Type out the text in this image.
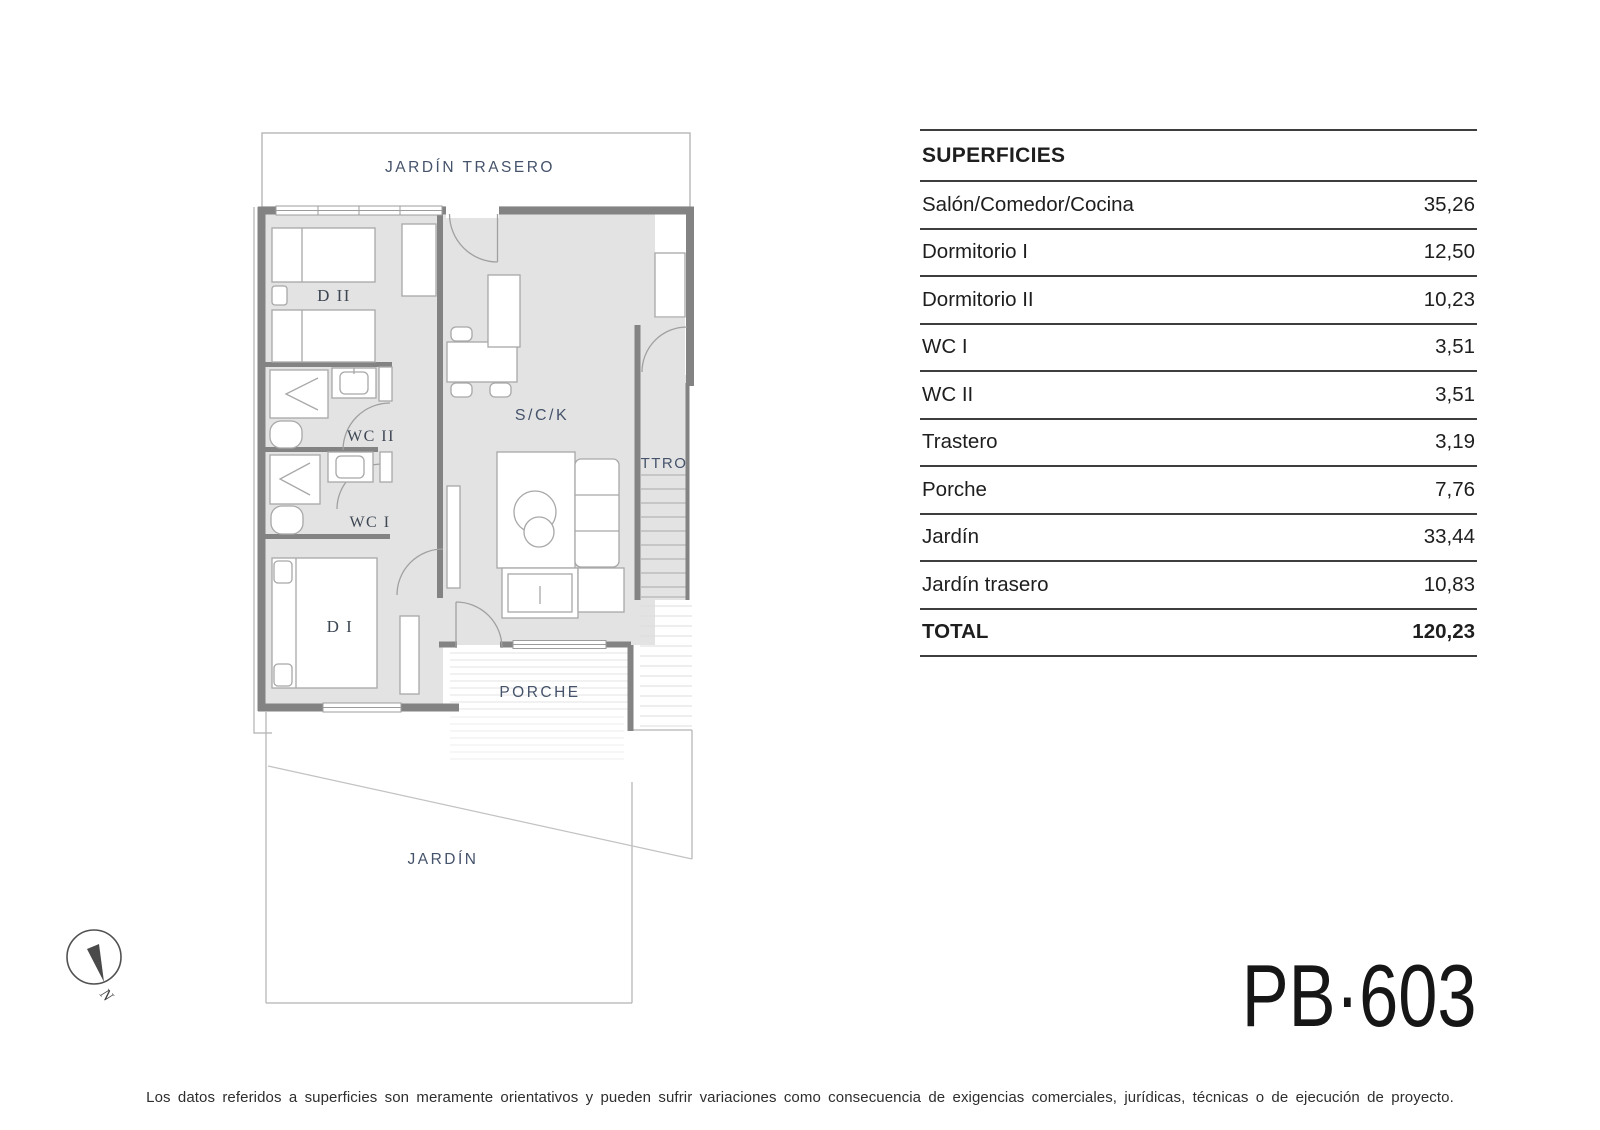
JARDÍN TRASERO
D II
WC II
WC I
D I
S/C/K
TTRO
PORCHE
JARDÍN
N
SUPERFICIES
Salón/Comedor/Cocina	35,26
Dormitorio I	12,50
Dormitorio II	10,23
WC I	3,51
WC II	3,51
Trastero	3,19
Porche	7,76
Jardín	33,44
Jardín trasero	10,83
TOTAL	120,23
PB·603
Los datos referidos a superficies son meramente orientativos y pueden sufrir variaciones como consecuencia de exigencias comerciales, jurídicas, técnicas o de ejecución de proyecto.
